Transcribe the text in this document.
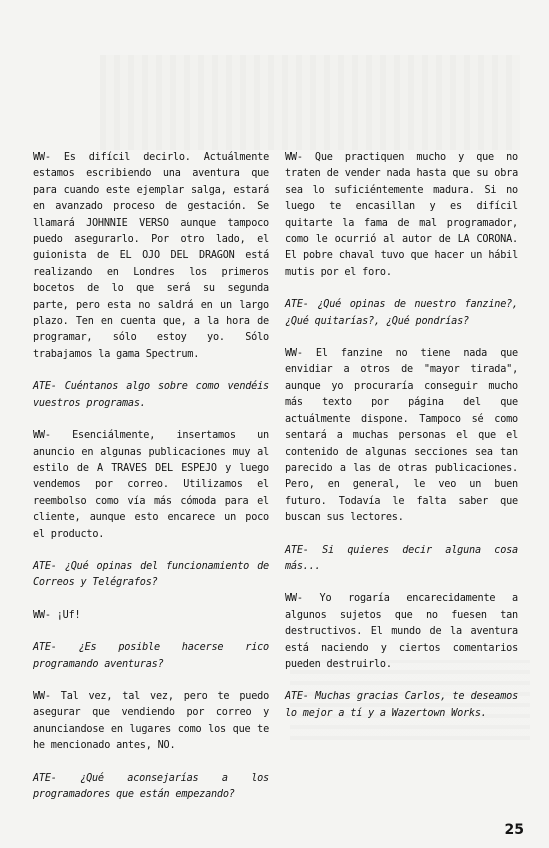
WW- Es difícil decirlo. Actuálmente estamos escribiendo una aventura que para cuando este ejemplar salga, estará en avanzado proceso de gestación. Se llamará JOHNNIE VERSO aunque tampoco puedo asegurarlo. Por otro lado, el guionista de EL OJO DEL DRAGON está realizando en Londres los primeros bocetos de lo que será su segunda parte, pero esta no saldrá en un largo plazo. Ten en cuenta que, a la hora de programar, sólo estoy yo. Sólo trabajamos la gama Spectrum.

ATE- Cuéntanos algo sobre como vendéis vuestros programas.

WW- Esenciálmente, insertamos un anuncio en algunas publicaciones muy al estilo de A TRAVES DEL ESPEJO y luego vendemos por correo. Utilizamos el reembolso como vía más cómoda para el cliente, aunque esto encarece un poco el producto.

ATE- ¿Qué opinas del funcionamiento de Correos y Telégrafos?

WW- ¡Uf!

ATE- ¿Es posible hacerse rico programando aventuras?

WW- Tal vez, tal vez, pero te puedo asegurar que vendiendo por correo y anunciandose en lugares como los que te he mencionado antes, NO.

ATE- ¿Qué aconsejarías a los programadores que están empezando?

WW- Que practiquen mucho y que no traten de vender nada hasta que su obra sea lo suficiéntemente madura. Si no luego te encasillan y es difícil quitarte la fama de mal programador, como le ocurrió al autor de LA CORONA. El pobre chaval tuvo que hacer un hábil mutis por el foro.

ATE- ¿Qué opinas de nuestro fanzine?, ¿Qué quitarías?, ¿Qué pondrías?

WW- El fanzine no tiene nada que envidiar a otros de "mayor tirada", aunque yo procuraría conseguir mucho más texto por página del que actuálmente dispone. Tampoco sé como sentará a muchas personas el que el contenido de algunas secciones sea tan parecido a las de otras publicaciones. Pero, en general, le veo un buen futuro. Todavía le falta saber que buscan sus lectores.

ATE- Si quieres decir alguna cosa más...

WW- Yo rogaría encarecidamente a algunos sujetos que no fuesen tan destructivos. El mundo de la aventura está naciendo y ciertos comentarios pueden destruirlo.

ATE- Muchas gracias Carlos, te deseamos lo mejor a tí y a Wazertown Works.

25
